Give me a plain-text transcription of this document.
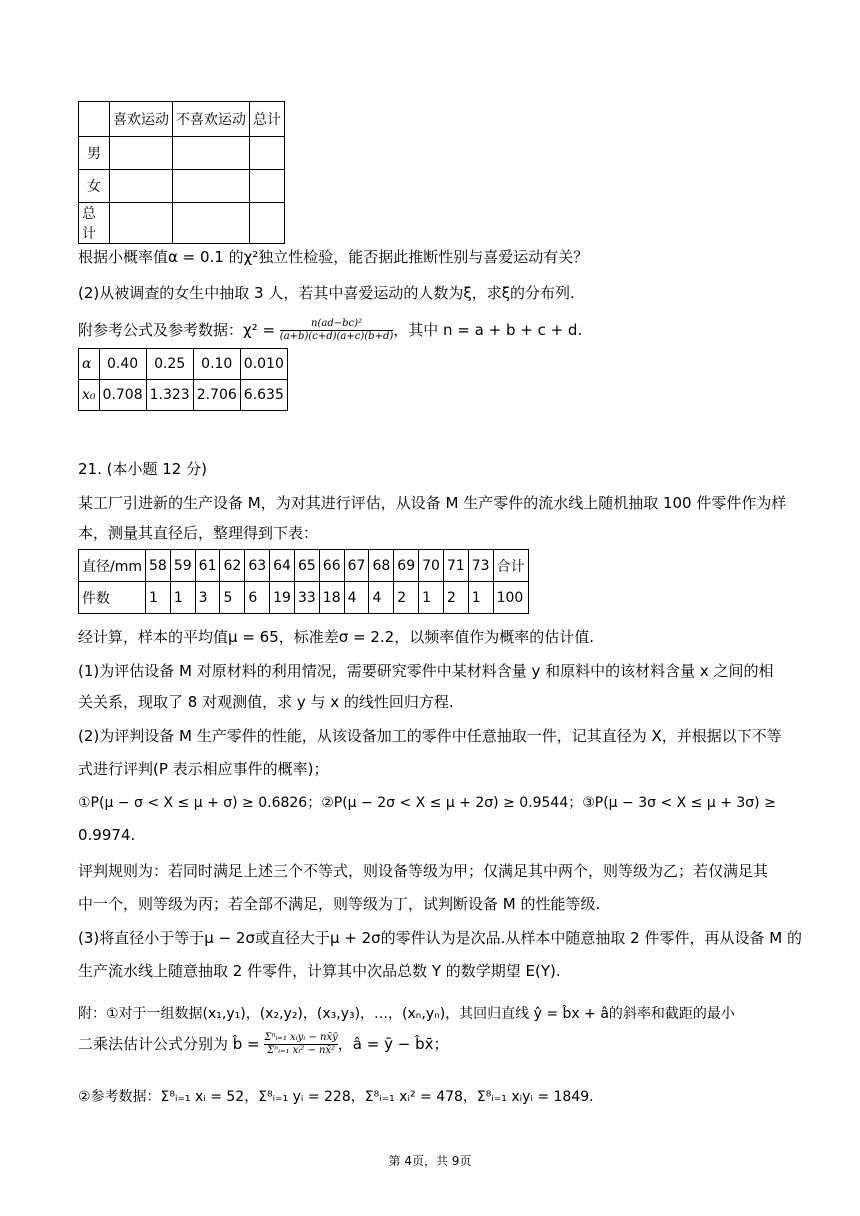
	喜欢运动	不喜欢运动	总计
男			
女			
总计			
根据小概率值α = 0.1 的χ²独立性检验，能否据此推断性别与喜爱运动有关？
(2)从被调查的女生中抽取 3 人，若其中喜爱运动的人数为ξ，求ξ的分布列.
附参考公式及参考数据：$\chi^2 = \frac{\text{n(ad−bc)²}}{(a+b)(c+d)(a+c)(b+d)}$ ，其中 n = a + b + c + d.
α	0.40	0.25	0.10	0.010
x₀	0.708	1.323	2.706	6.635
21. (本小题 12 分)
某工厂引进新的生产设备 M，为对其进行评估，从设备 M 生产零件的流水线上随机抽取 100 件零件作为样
本，测量其直径后，整理得到下表：
直径/mm	58	59	61	62	63	64	65	66	67	68	69	70	71	73	合计
件数	1	1	3	5	6	19	33	18	4	4	2	1	2	1	100
经计算，样本的平均值μ = 65，标准差σ = 2.2，以频率值作为概率的估计值.
(1)为评估设备 M 对原材料的利用情况，需要研究零件中某材料含量 y 和原料中的该材料含量 x 之间的相
关关系，现取了 8 对观测值，求 y 与 x 的线性回归方程.
(2)为评判设备 M 生产零件的性能，从该设备加工的零件中任意抽取一件，记其直径为 X，并根据以下不等
式进行评判(P 表示相应事件的概率)；
①P(μ − σ < X ≤ μ + σ) ≥ 0.6826；②P(μ − 2σ < X ≤ μ + 2σ) ≥ 0.9544；③P(μ − 3σ < X ≤ μ + 3σ) ≥
0.9974.
评判规则为：若同时满足上述三个不等式，则设备等级为甲；仅满足其中两个，则等级为乙；若仅满足其
中一个，则等级为丙；若全部不满足，则等级为丁，试判断设备 M 的性能等级.
(3)将直径小于等于μ − 2σ或直径大于μ + 2σ的零件认为是次品.从样本中随意抽取 2 件零件，再从设备 M 的
生产流水线上随意抽取 2 件零件，计算其中次品总数 Y 的数学期望 E(Y).
附：①对于一组数据(x₁,y₁)，(x₂,y₂)，(x₃,y₃)，…，(xₙ,yₙ)，其回归直线 ŷ = b̂x + â的斜率和截距的最小
二乘法估计公式分别为 b̂ = $\frac{\text{Σⁿᵢ₌₁ xᵢyᵢ − nx̄ȳ}}{\text{Σⁿᵢ₌₁ xᵢ² − nx̄²}}$ ，â = ȳ − b̂x̄；
②参考数据：Σ⁸ᵢ₌₁ xᵢ = 52，Σ⁸ᵢ₌₁ yᵢ = 228，Σ⁸ᵢ₌₁ xᵢ² = 478，Σ⁸ᵢ₌₁ xᵢyᵢ = 1849.
第 4页，共 9页
